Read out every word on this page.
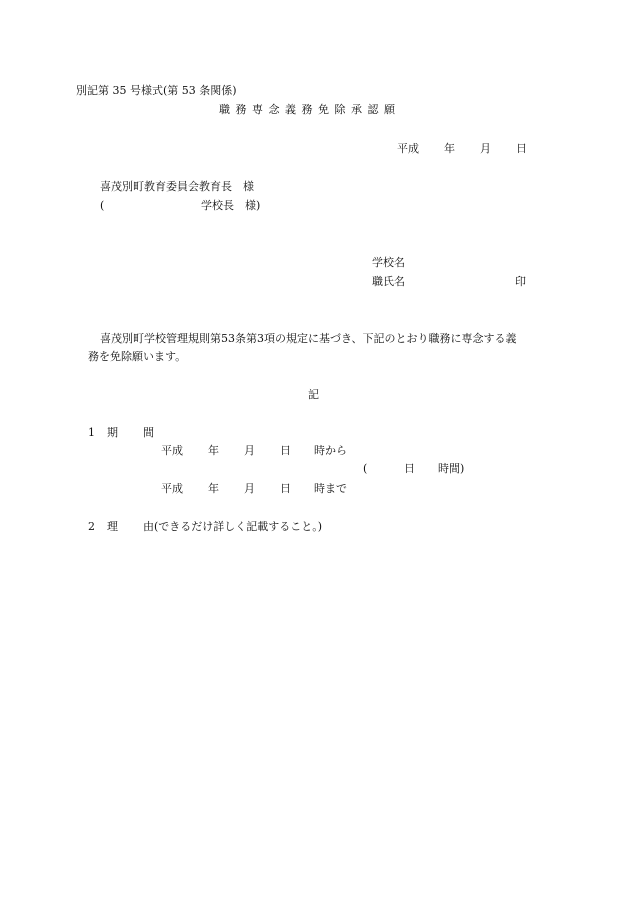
別記第 35 号様式(第 53 条関係)
職務専念義務免除承認願
平成 年 月 日
喜茂別町教育委員会教育長　様
(	学校長　様)
学校名
職氏名	印
喜茂別町学校管理規則第53条第3項の規定に基づき、下記のとおり職務に専念する義
務を免除願います。
記
1 期 間
平成 年 月 日 時から
(	日 時間)
平成 年 月 日 時まで
2 理 由(できるだけ詳しく記載すること。)
